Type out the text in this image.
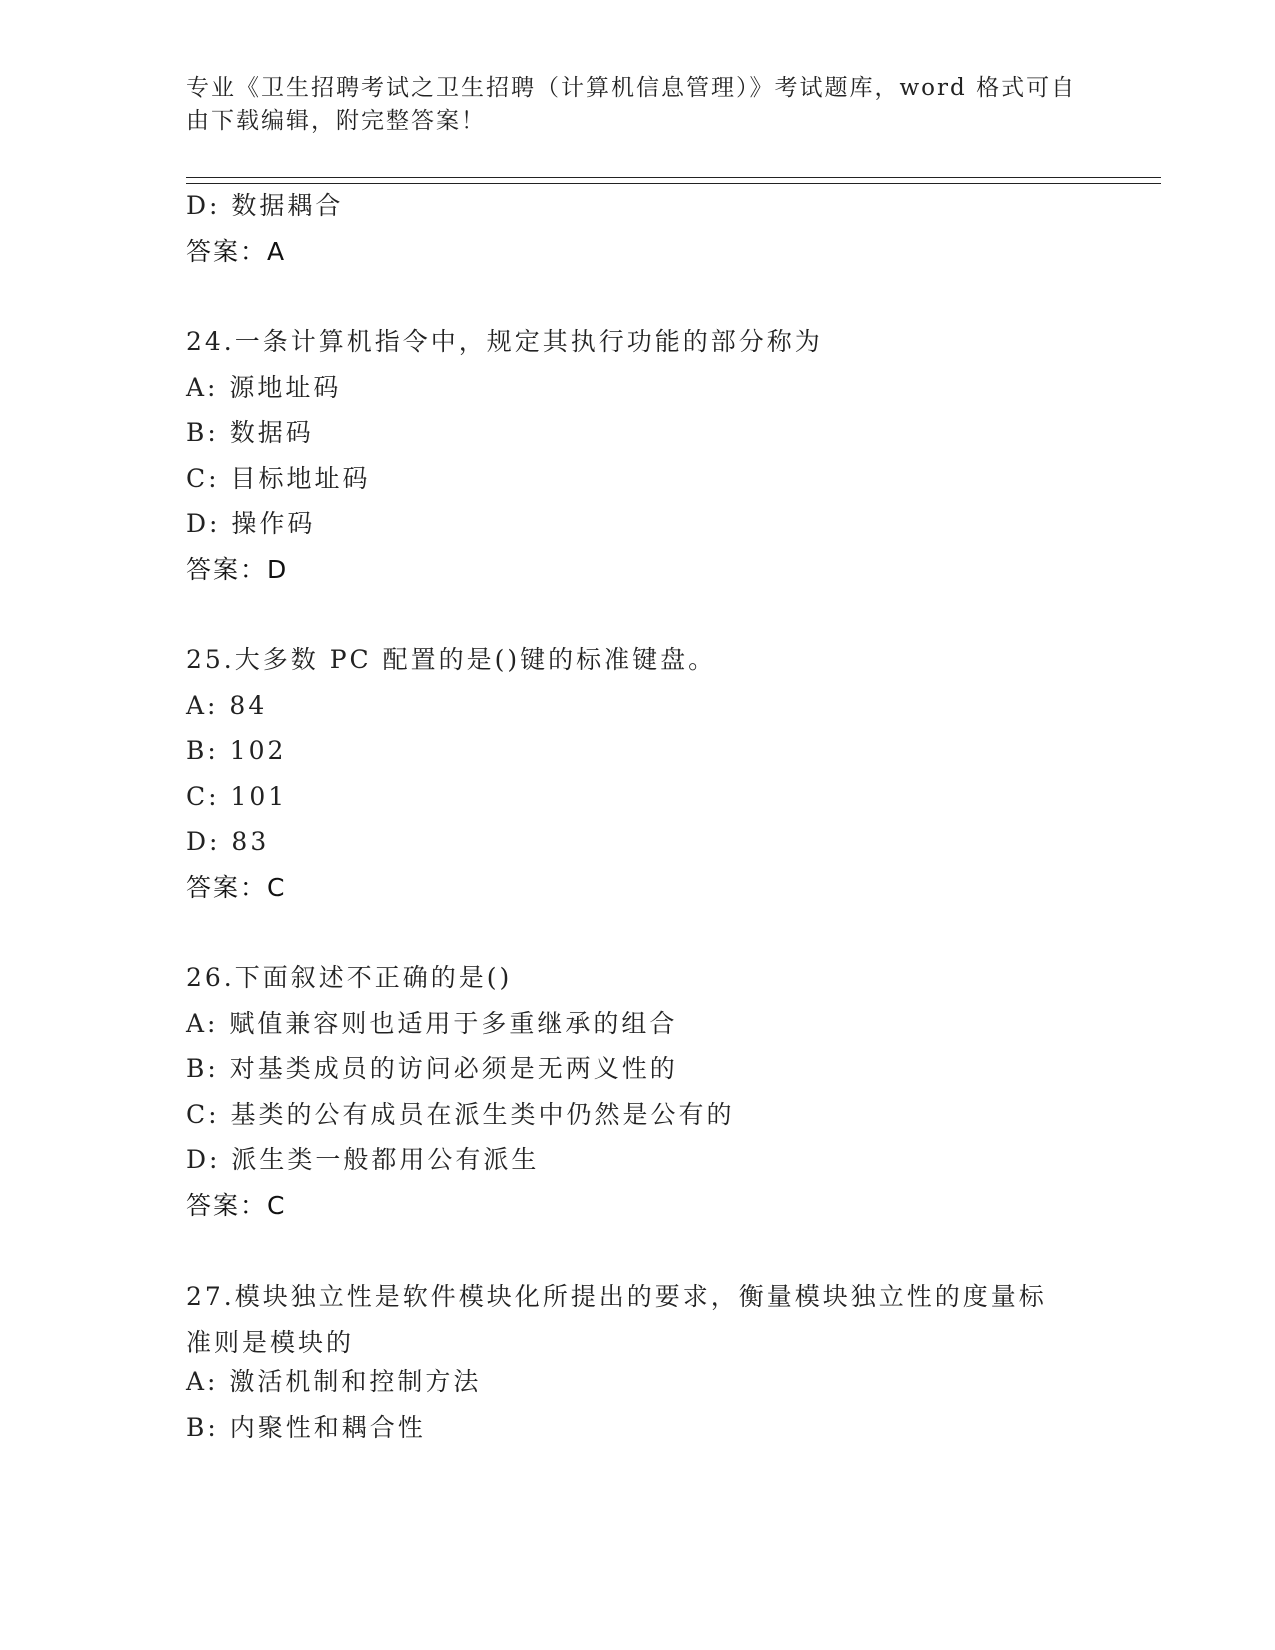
专业《卫生招聘考试之卫生招聘（计算机信息管理）》考试题库，word 格式可自由下载编辑，附完整答案！
D: 数据耦合
答案：A
24.一条计算机指令中，规定其执行功能的部分称为
A: 源地址码
B: 数据码
C: 目标地址码
D: 操作码
答案：D
25.大多数 PC 配置的是()键的标准键盘。
A: 84
B: 102
C: 101
D: 83
答案：C
26.下面叙述不正确的是()
A: 赋值兼容则也适用于多重继承的组合
B: 对基类成员的访问必须是无两义性的
C: 基类的公有成员在派生类中仍然是公有的
D: 派生类一般都用公有派生
答案：C
27.模块独立性是软件模块化所提出的要求，衡量模块独立性的度量标准则是模块的
A: 激活机制和控制方法
B: 内聚性和耦合性
